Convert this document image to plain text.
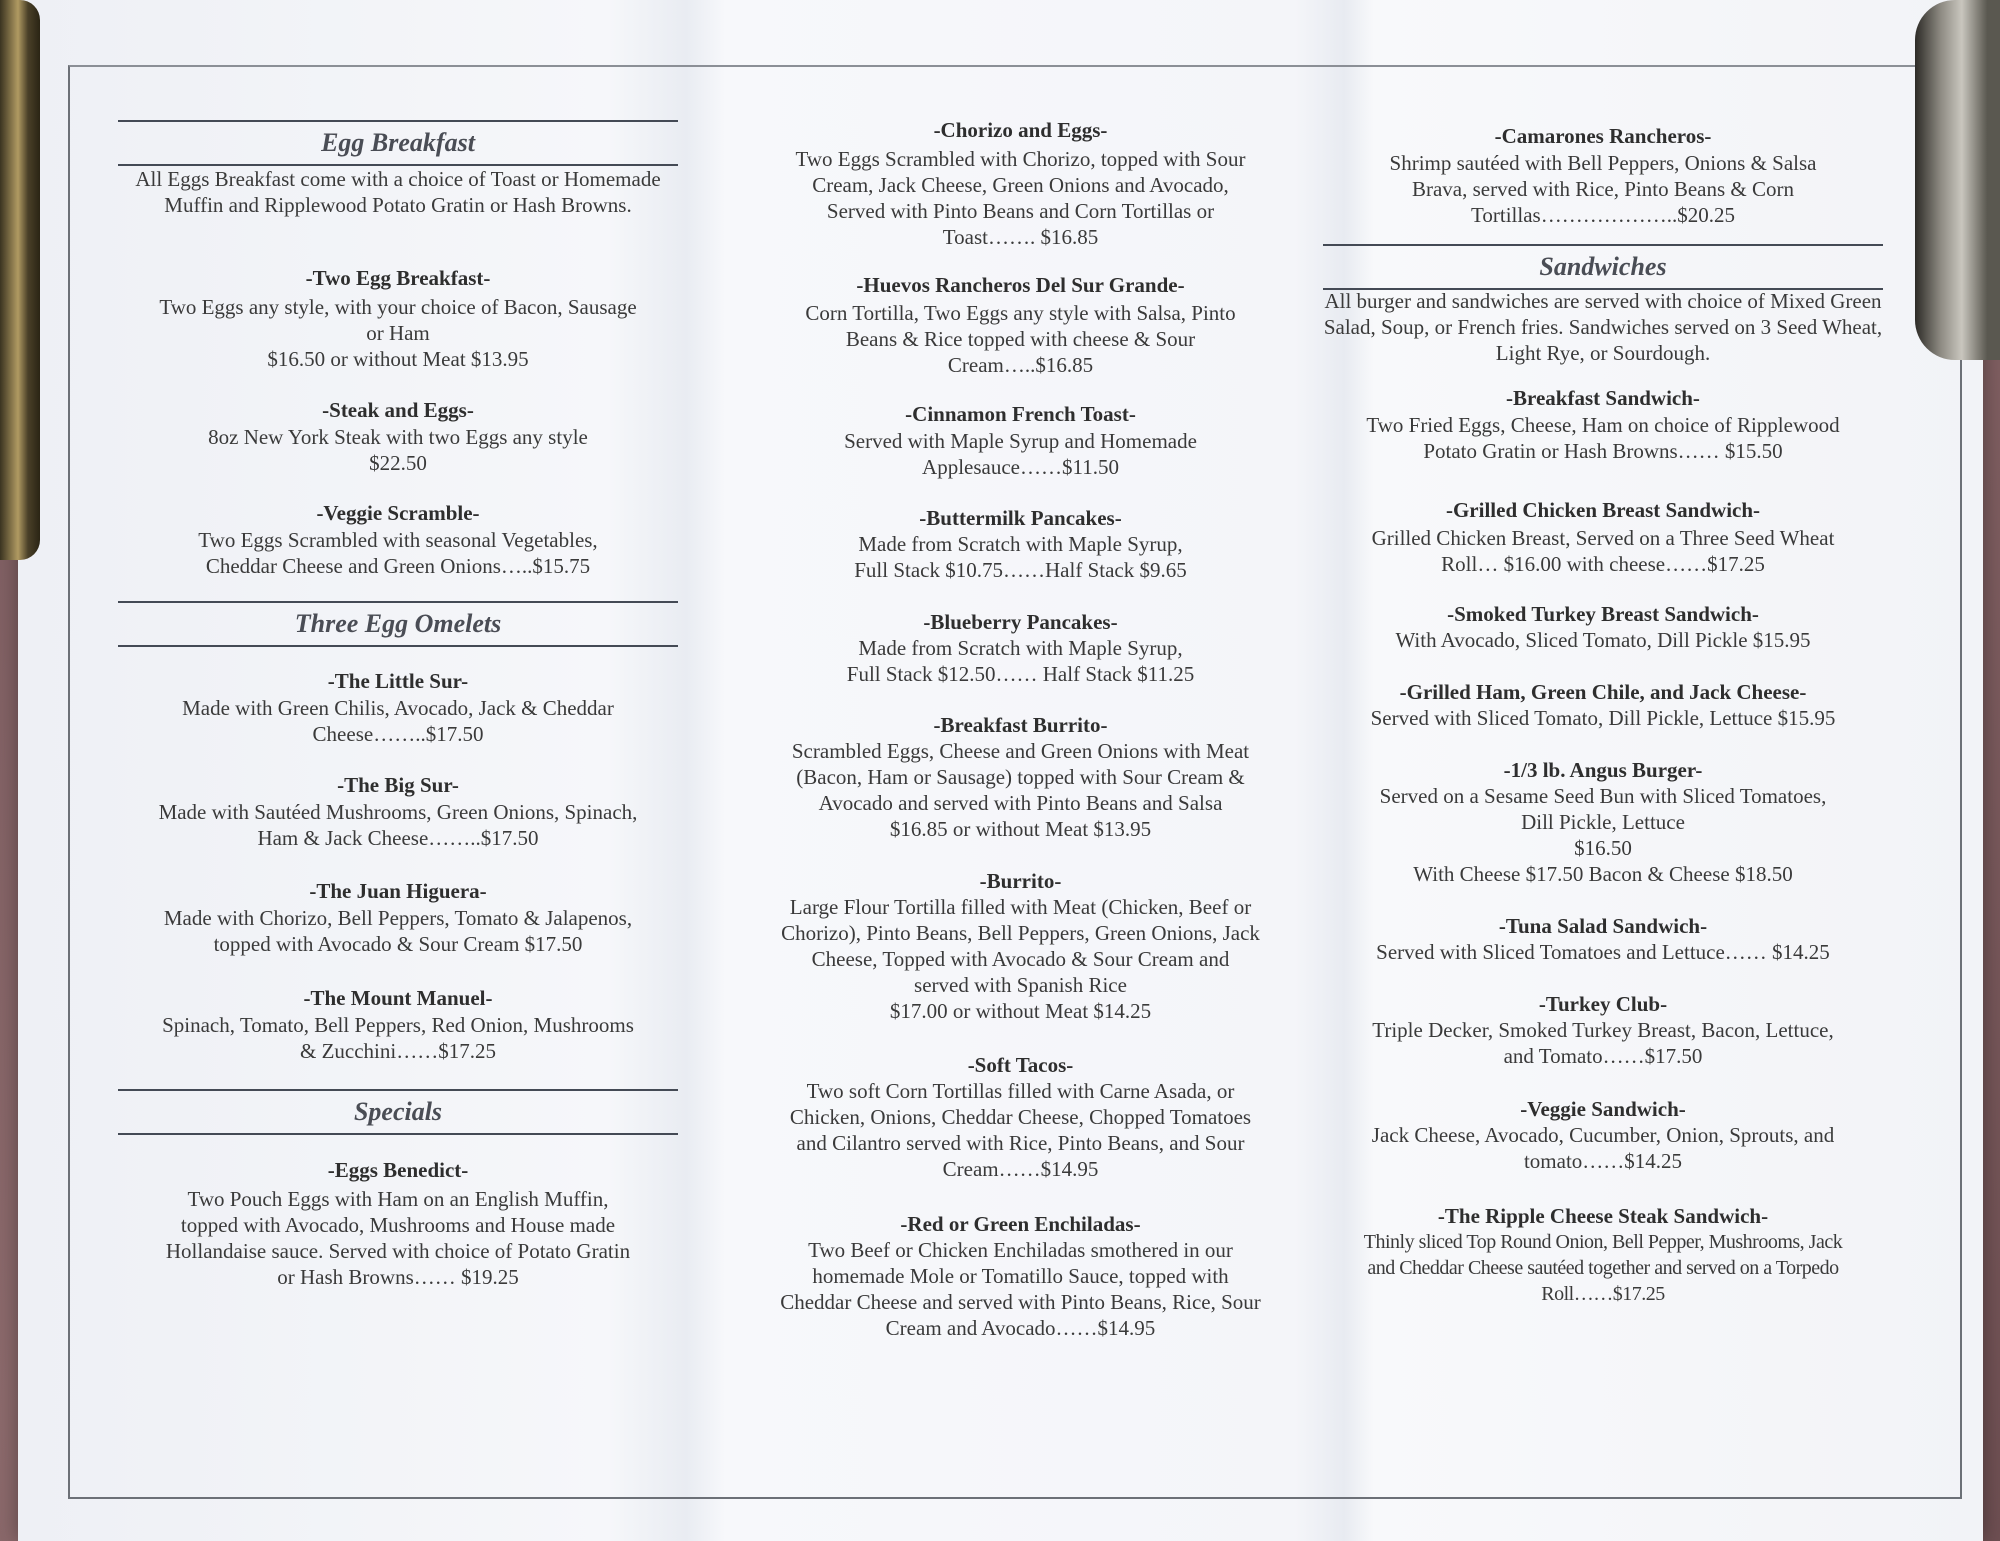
Egg Breakfast
All Eggs Breakfast come with a choice of Toast or Homemade Muffin and Ripplewood Potato Gratin or Hash Browns.
-Two Egg Breakfast-
Two Eggs any style, with your choice of Bacon, Sausage
or Ham
$16.50 or without Meat $13.95
-Steak and Eggs-
8oz New York Steak with two Eggs any style
$22.50
-Veggie Scramble-
Two Eggs Scrambled with seasonal Vegetables,
Cheddar Cheese and Green Onions…..$15.75
Three Egg Omelets
-The Little Sur-
Made with Green Chilis, Avocado, Jack & Cheddar
Cheese……..$17.50
-The Big Sur-
Made with Sautéed Mushrooms, Green Onions, Spinach,
Ham & Jack Cheese……..$17.50
-The Juan Higuera-
Made with Chorizo, Bell Peppers, Tomato & Jalapenos,
topped with Avocado & Sour Cream $17.50
-The Mount Manuel-
Spinach, Tomato, Bell Peppers, Red Onion, Mushrooms
& Zucchini……$17.25
Specials
-Eggs Benedict-
Two Pouch Eggs with Ham on an English Muffin,
topped with Avocado, Mushrooms and House made
Hollandaise sauce. Served with choice of Potato Gratin
or Hash Browns…… $19.25
-Chorizo and Eggs-
Two Eggs Scrambled with Chorizo, topped with Sour
Cream, Jack Cheese, Green Onions and Avocado,
Served with Pinto Beans and Corn Tortillas or
Toast……. $16.85
-Huevos Rancheros Del Sur Grande-
Corn Tortilla, Two Eggs any style with Salsa, Pinto
Beans & Rice topped with cheese & Sour
Cream…..$16.85
-Cinnamon French Toast-
Served with Maple Syrup and Homemade
Applesauce……$11.50
-Buttermilk Pancakes-
Made from Scratch with Maple Syrup,
Full Stack $10.75……Half Stack $9.65
-Blueberry Pancakes-
Made from Scratch with Maple Syrup,
Full Stack $12.50…… Half Stack $11.25
-Breakfast Burrito-
Scrambled Eggs, Cheese and Green Onions with Meat
(Bacon, Ham or Sausage) topped with Sour Cream &
Avocado and served with Pinto Beans and Salsa
$16.85 or without Meat $13.95
-Burrito-
Large Flour Tortilla filled with Meat (Chicken, Beef or
Chorizo), Pinto Beans, Bell Peppers, Green Onions, Jack
Cheese, Topped with Avocado & Sour Cream and
served with Spanish Rice
$17.00 or without Meat $14.25
-Soft Tacos-
Two soft Corn Tortillas filled with Carne Asada, or
Chicken, Onions, Cheddar Cheese, Chopped Tomatoes
and Cilantro served with Rice, Pinto Beans, and Sour
Cream……$14.95
-Red or Green Enchiladas-
Two Beef or Chicken Enchiladas smothered in our
homemade Mole or Tomatillo Sauce, topped with
Cheddar Cheese and served with Pinto Beans, Rice, Sour
Cream and Avocado……$14.95
-Camarones Rancheros-
Shrimp sautéed with Bell Peppers, Onions & Salsa
Brava, served with Rice, Pinto Beans & Corn
Tortillas………………..$20.25
Sandwiches
All burger and sandwiches are served with choice of Mixed Green Salad, Soup, or French fries. Sandwiches served on 3 Seed Wheat, Light Rye, or Sourdough.
-Breakfast Sandwich-
Two Fried Eggs, Cheese, Ham on choice of Ripplewood
Potato Gratin or Hash Browns…… $15.50
-Grilled Chicken Breast Sandwich-
Grilled Chicken Breast, Served on a Three Seed Wheat
Roll… $16.00 with cheese……$17.25
-Smoked Turkey Breast Sandwich-
With Avocado, Sliced Tomato, Dill Pickle $15.95
-Grilled Ham, Green Chile, and Jack Cheese-
Served with Sliced Tomato, Dill Pickle, Lettuce $15.95
-1/3 lb. Angus Burger-
Served on a Sesame Seed Bun with Sliced Tomatoes,
Dill Pickle, Lettuce
$16.50
With Cheese $17.50 Bacon & Cheese $18.50
-Tuna Salad Sandwich-
Served with Sliced Tomatoes and Lettuce…… $14.25
-Turkey Club-
Triple Decker, Smoked Turkey Breast, Bacon, Lettuce,
and Tomato……$17.50
-Veggie Sandwich-
Jack Cheese, Avocado, Cucumber, Onion, Sprouts, and
tomato……$14.25
-The Ripple Cheese Steak Sandwich-
Thinly sliced Top Round Onion, Bell Pepper, Mushrooms, Jack
and Cheddar Cheese sautéed together and served on a Torpedo
Roll……$17.25
